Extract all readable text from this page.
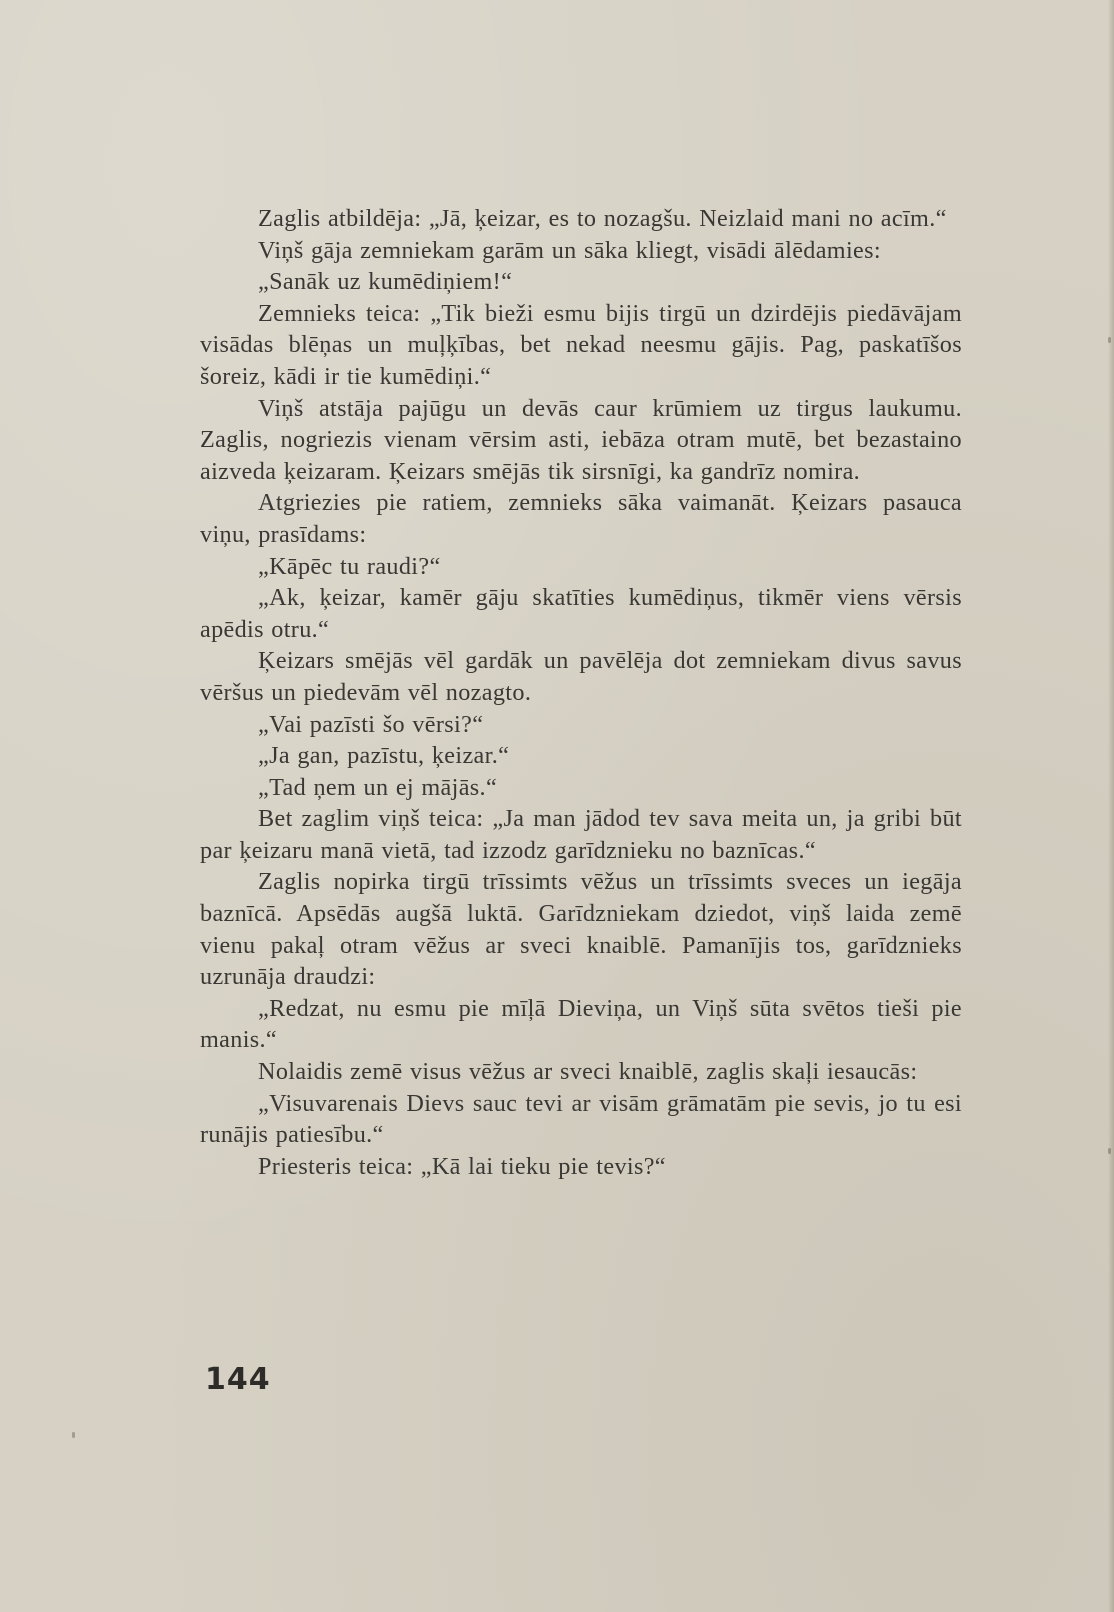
Zaglis atbildēja: „Jā, ķeizar, es to nozagšu. Neizlaid mani no acīm.“

Viņš gāja zemniekam garām un sāka kliegt, visādi ālēdamies:

„Sanāk uz kumēdiņiem!“

Zemnieks teica: „Tik bieži esmu bijis tirgū un dzirdējis piedāvājam visādas blēņas un muļķības, bet nekad neesmu gājis. Pag, paskatīšos šoreiz, kādi ir tie kumēdiņi.“

Viņš atstāja pajūgu un devās caur krūmiem uz tirgus laukumu. Zaglis, nogriezis vienam vērsim asti, iebāza otram mutē, bet bezastaino aizveda ķeizaram. Ķeizars smējās tik sirsnīgi, ka gandrīz nomira.

Atgriezies pie ratiem, zemnieks sāka vaimanāt. Ķeizars pasauca viņu, prasīdams:

„Kāpēc tu raudi?“

„Ak, ķeizar, kamēr gāju skatīties kumēdiņus, tikmēr viens vērsis apēdis otru.“

Ķeizars smējās vēl gardāk un pavēlēja dot zemniekam divus savus vēršus un piedevām vēl nozagto.

„Vai pazīsti šo vērsi?“

„Ja gan, pazīstu, ķeizar.“

„Tad ņem un ej mājās.“

Bet zaglim viņš teica: „Ja man jādod tev sava meita un, ja gribi būt par ķeizaru manā vietā, tad izzodz garīdznieku no baznīcas.“

Zaglis nopirka tirgū trīssimts vēžus un trīssimts sveces un iegāja baznīcā. Apsēdās augšā luktā. Garīdzniekam dziedot, viņš laida zemē vienu pakaļ otram vēžus ar sveci knaiblē. Pamanījis tos, garīdznieks uzrunāja draudzi:

„Redzat, nu esmu pie mīļā Dieviņa, un Viņš sūta svētos tieši pie manis.“

Nolaidis zemē visus vēžus ar sveci knaiblē, zaglis skaļi iesaucās:

„Visuvarenais Dievs sauc tevi ar visām grāmatām pie sevis, jo tu esi runājis patiesību.“

Priesteris teica: „Kā lai tieku pie tevis?“

144
